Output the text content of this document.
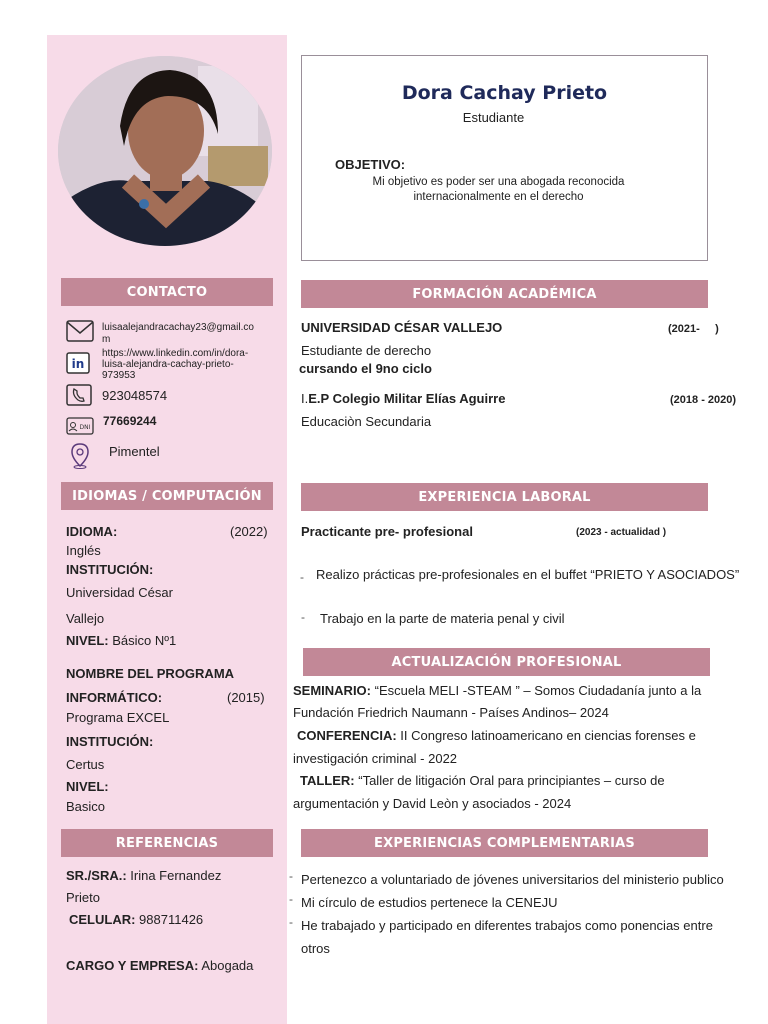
Dora Cachay Prieto
Estudiante
OBJETIVO:
Mi objetivo es poder ser una abogada reconocida
internacionalmente en el derecho
CONTACTO
luisaalejandracachay23@gmail.co
m
in
https://www.linkedin.com/in/dora-
luisa-alejandra-cachay-prieto-
973953
923048574
DNI 77669244
Pimentel
IDIOMAS / COMPUTACIÓN
IDIOMA:	(2022)
Inglés
INSTITUCIÓN:
Universidad César
Vallejo
NIVEL: Básico Nº1
NOMBRE DEL PROGRAMA
INFORMÁTICO:	(2015)
Programa EXCEL
INSTITUCIÓN:
Certus
NIVEL:
Basico
REFERENCIAS
SR./SRA.: Irina Fernandez
Prieto
CELULAR: 988711426
CARGO Y EMPRESA: Abogada
FORMACIÓN ACADÉMICA
UNIVERSIDAD CÉSAR VALLEJO	(2021-     )
Estudiante de derecho
cursando el 9no ciclo
I.E.P Colegio Militar Elías Aguirre	(2018 - 2020)
Educaciòn Secundaria
EXPERIENCIA LABORAL
Practicante pre- profesional	(2023 - actualidad )
- Realizo prácticas pre-profesionales en el buffet “PRIETO Y ASOCIADOS”
- Trabajo en la parte de materia penal y civil
ACTUALIZACIÓN PROFESIONAL
SEMINARIO: “Escuela MELI -STEAM ” – Somos Ciudadanía junto a la
Fundación Friedrich Naumann - Países Andinos– 2024
CONFERENCIA: II Congreso latinoamericano en ciencias forenses e
investigación criminal - 2022
TALLER: “Taller de litigación Oral para principiantes – curso de
argumentación y David Leòn y asociados - 2024
EXPERIENCIAS COMPLEMENTARIAS
- Pertenezco a voluntariado de jóvenes universitarios del ministerio publico
- Mi círculo de estudios pertenece la CENEJU
- He trabajado y participado en diferentes trabajos como ponencias entre
otros
